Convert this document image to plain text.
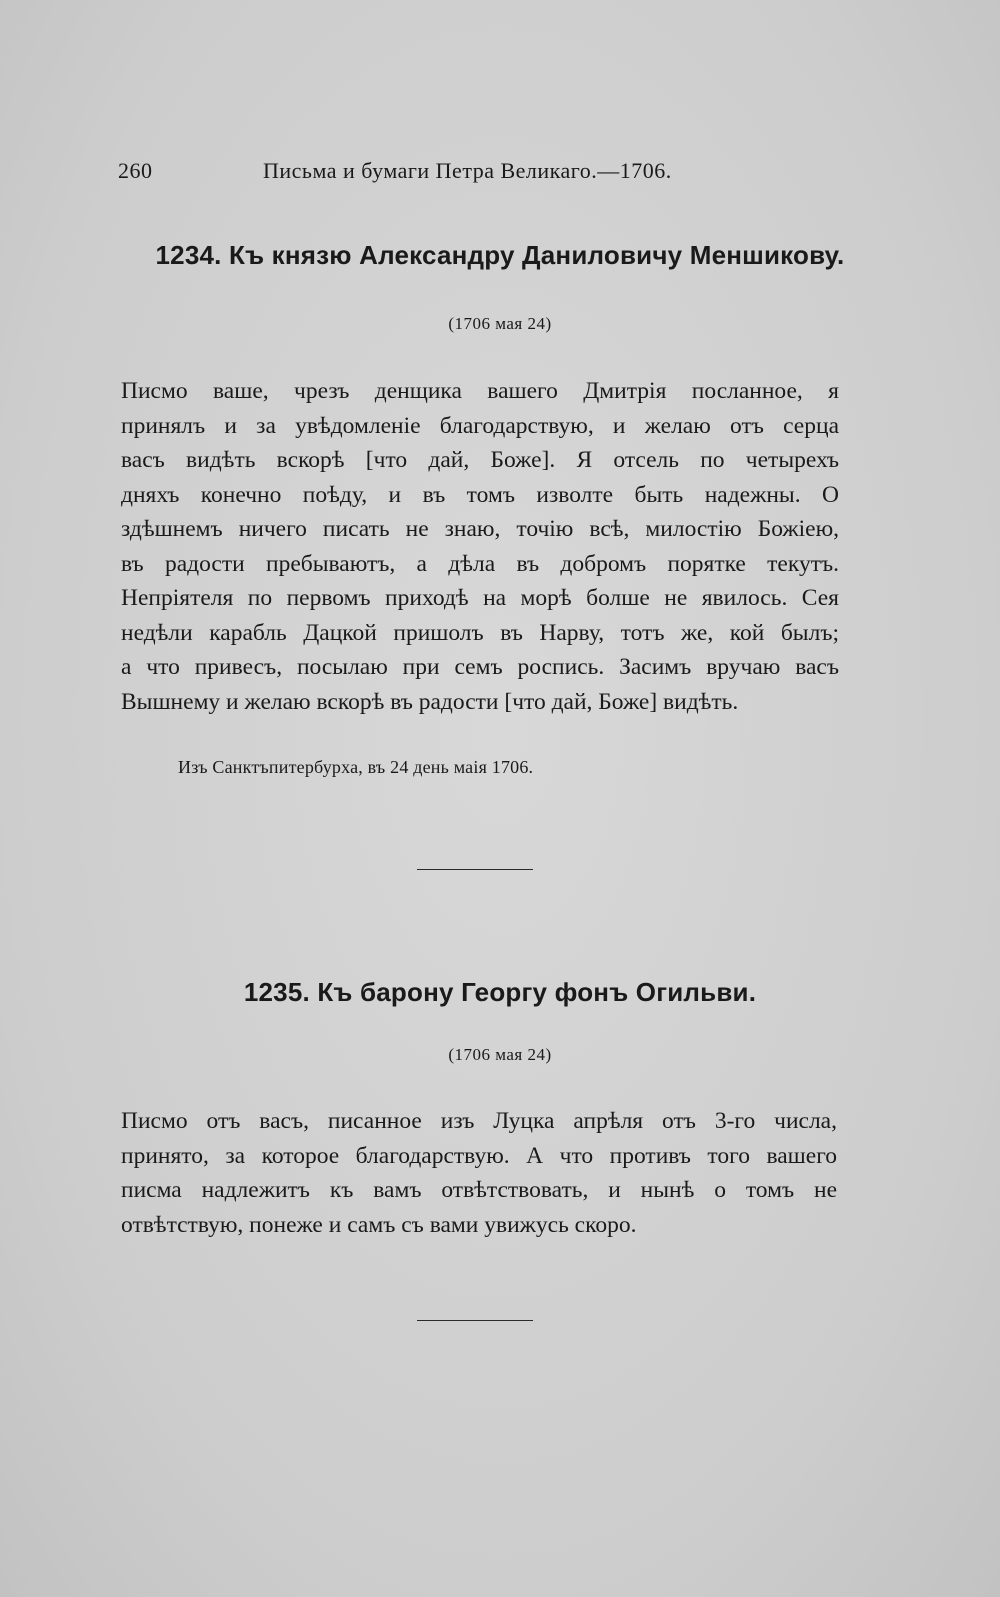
260	Письма и бумаги Петра Великаго.—1706.
1234. Къ князю Александру Даниловичу Меншикову.
(1706 мая 24)
Писмо ваше, чрезъ денщика вашего Дмитрія посланное, я
принялъ и за увѣдомленіе благодарствую, и желаю отъ серца
васъ видѣть вскорѣ [что дай, Боже]. Я отсель по четырехъ
дняхъ конечно поѣду, и въ томъ изволте быть надежны. О
здѣшнемъ ничего писать не знаю, точію всѣ, милостію Божіею,
въ радости пребываютъ, а дѣла въ добромъ порятке текутъ.
Непріятеля по первомъ приходѣ на морѣ болше не явилось. Сея
недѣли карабль Дацкой пришолъ въ Нарву, тотъ же, кой былъ;
а что привесъ, посылаю при семъ роспись. Засимъ вручаю васъ
Вышнему и желаю вскорѣ въ радости [что дай, Боже] видѣть.
Изъ Санктъпитербурха, въ 24 день маія 1706.
1235. Къ барону Георгу фонъ Огильви.
(1706 мая 24)
Писмо отъ васъ, писанное изъ Луцка апрѣля отъ 3-го числа,
принято, за которое благодарствую. А что противъ того вашего
писма надлежитъ къ вамъ отвѣтствовать, и нынѣ о томъ не
отвѣтствую, понеже и самъ съ вами увижусь скоро.
